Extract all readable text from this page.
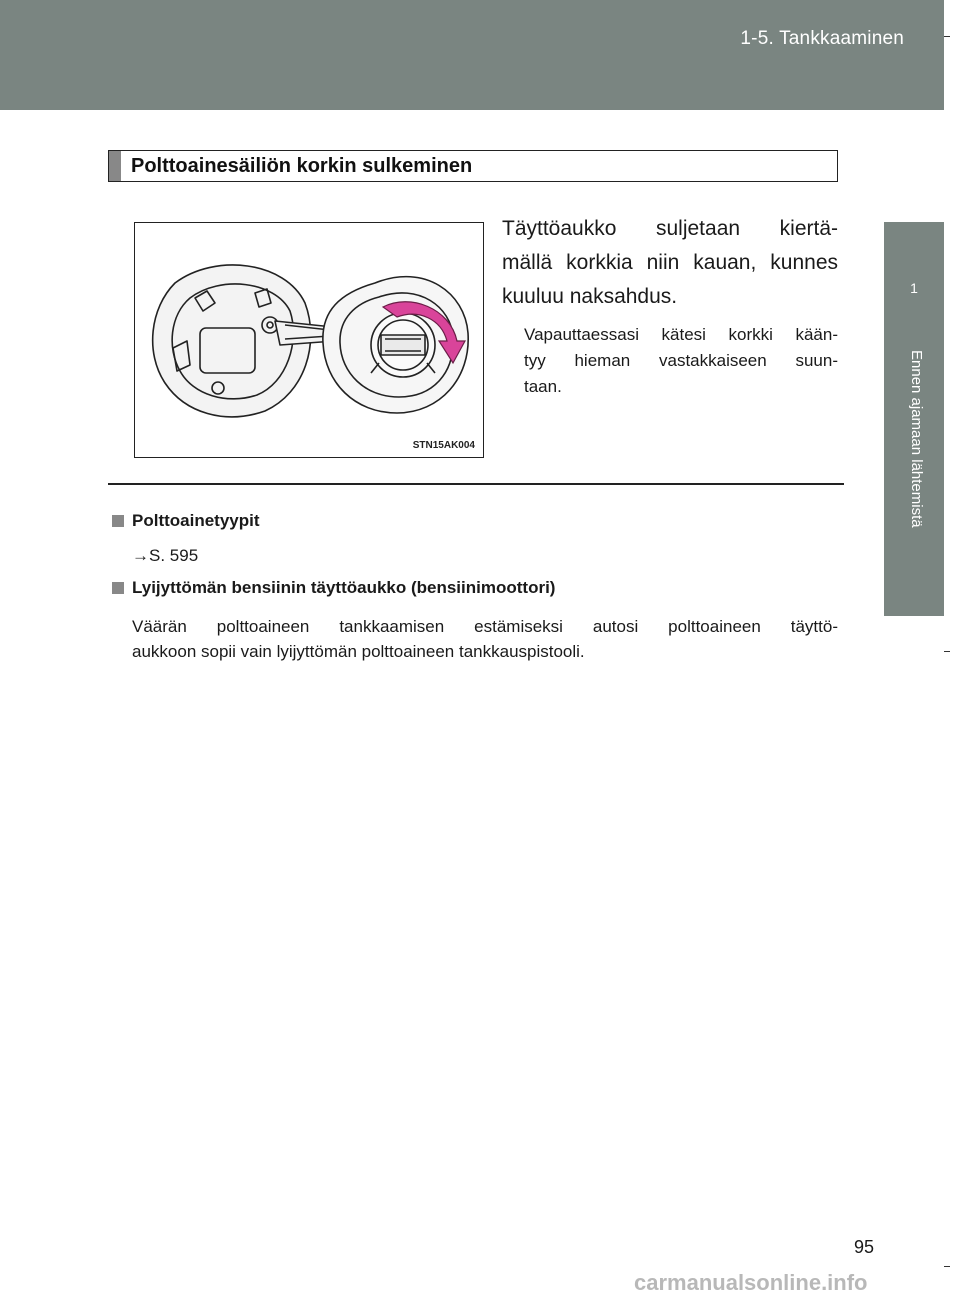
1-5. Tankkaaminen
1
Ennen ajamaan lähtemistä
Polttoainesäiliön korkin sulkeminen
STN15AK004
Täyttöaukko suljetaan kiertä-
mällä korkkia niin kauan, kunnes
kuuluu naksahdus.
Vapauttaessasi kätesi korkki kään-
tyy hieman vastakkaiseen suun-
taan.
Polttoainetyypit
→S. 595
Lyijyttömän bensiinin täyttöaukko (bensiinimoottori)
Väärän polttoaineen tankkaamisen estämiseksi autosi polttoaineen täyttö-
aukkoon sopii vain lyijyttömän polttoaineen tankkauspistooli.
95
carmanualsonline.info
